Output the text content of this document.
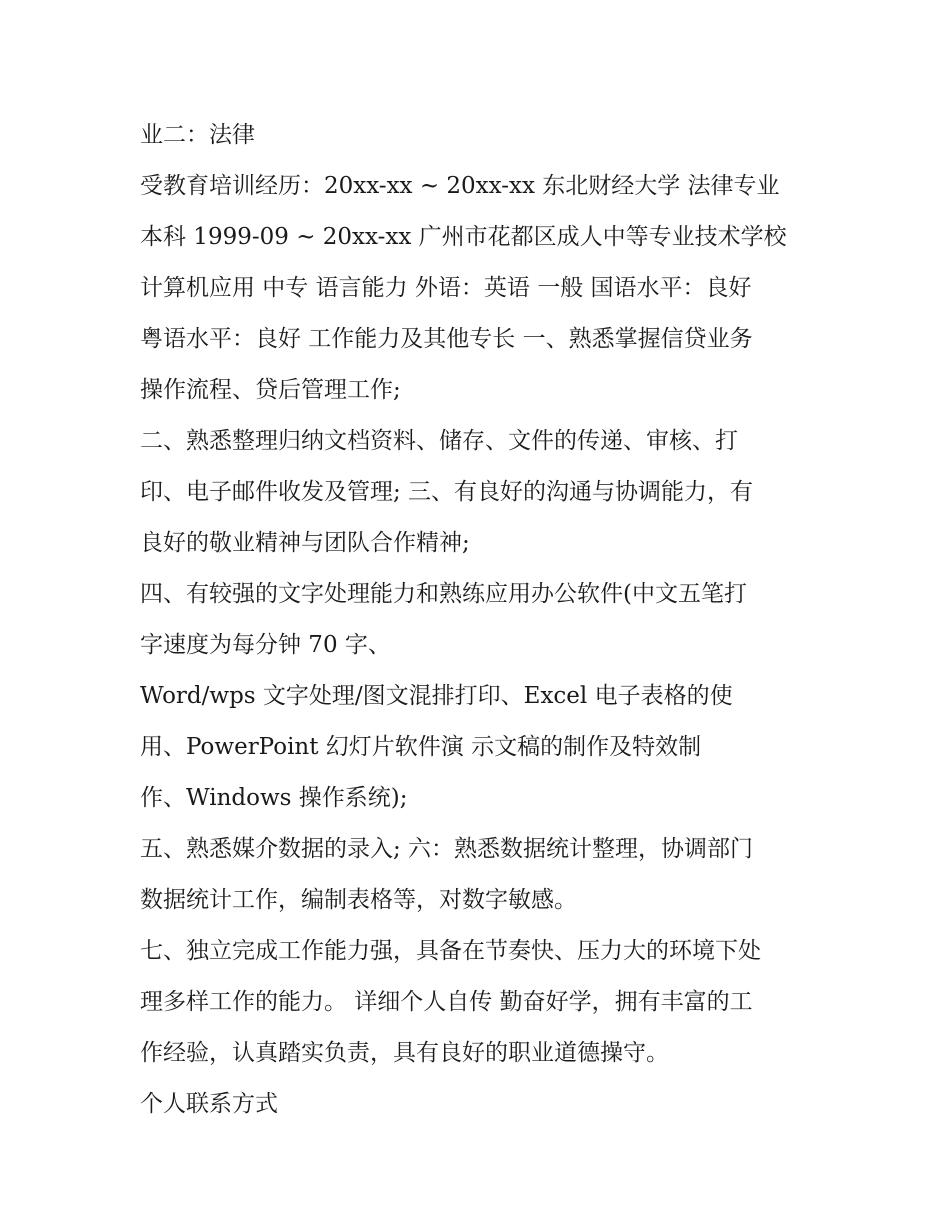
业二：法律
受教育培训经历：20xx-xx ~ 20xx-xx 东北财经大学 法律专业
本科 1999-09 ~ 20xx-xx 广州市花都区成人中等专业技术学校
计算机应用 中专 语言能力 外语：英语 一般 国语水平：良好
粤语水平：良好 工作能力及其他专长 一、熟悉掌握信贷业务
操作流程、贷后管理工作;
二、熟悉整理归纳文档资料、储存、文件的传递、审核、打
印、电子邮件收发及管理; 三、有良好的沟通与协调能力，有
良好的敬业精神与团队合作精神;
四、有较强的文字处理能力和熟练应用办公软件(中文五笔打
字速度为每分钟 70 字、
Word/wps 文字处理/图文混排打印、Excel 电子表格的使
用、PowerPoint 幻灯片软件演 示文稿的制作及特效制
作、Windows 操作系统);
五、熟悉媒介数据的录入; 六：熟悉数据统计整理，协调部门
数据统计工作，编制表格等，对数字敏感。
七、独立完成工作能力强，具备在节奏快、压力大的环境下处
理多样工作的能力。 详细个人自传 勤奋好学，拥有丰富的工
作经验，认真踏实负责，具有良好的职业道德操守。
个人联系方式
